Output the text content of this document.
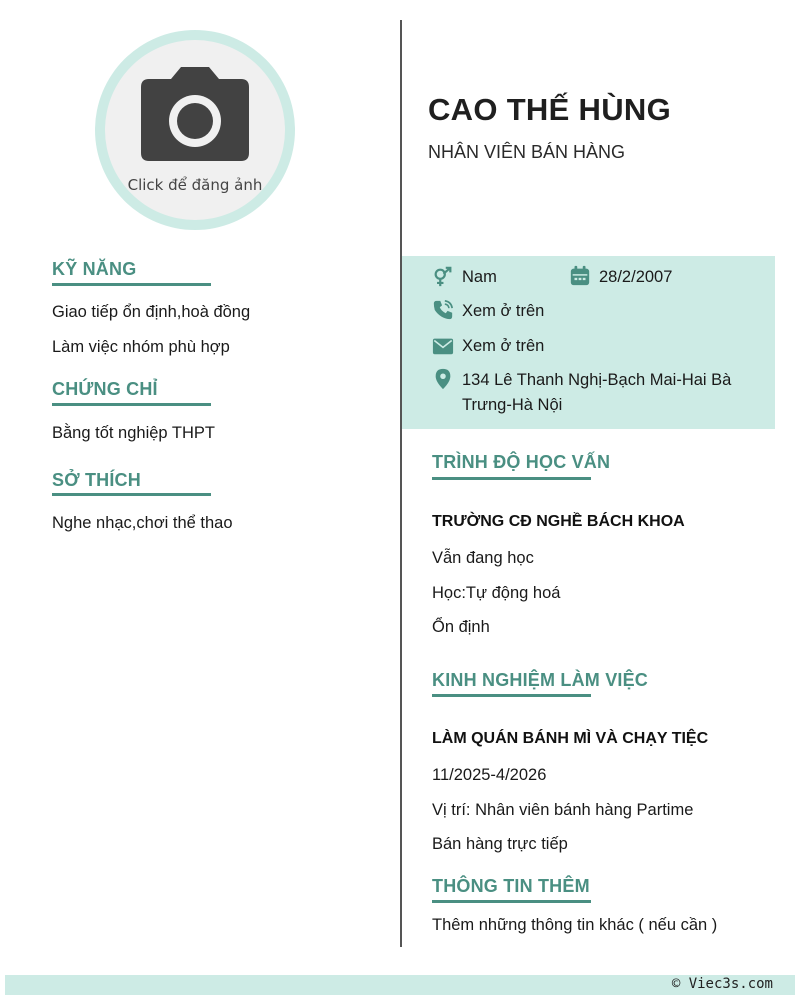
Click để đăng ảnh
KỸ NĂNG
Giao tiếp ổn định,hoà đồng
Làm việc nhóm phù hợp
CHỨNG CHỈ
Bằng tốt nghiệp THPT
SỞ THÍCH
Nghe nhạc,chơi thể thao
CAO THẾ HÙNG
NHÂN VIÊN BÁN HÀNG
Nam	28/2/2007
Xem ở trên
Xem ở trên
134 Lê Thanh Nghị-Bạch Mai-Hai Bà
Trưng-Hà Nội
TRÌNH ĐỘ HỌC VẤN
TRƯỜNG CĐ NGHỀ BÁCH KHOA
Vẫn đang học
Học:Tự động hoá
Ổn định
KINH NGHIỆM LÀM VIỆC
LÀM QUÁN BÁNH MÌ VÀ CHẠY TIỆC
11/2025-4/2026
Vị trí: Nhân viên bánh hàng Partime
Bán hàng trực tiếp
THÔNG TIN THÊM
Thêm những thông tin khác ( nếu cần )
© Viec3s.com
